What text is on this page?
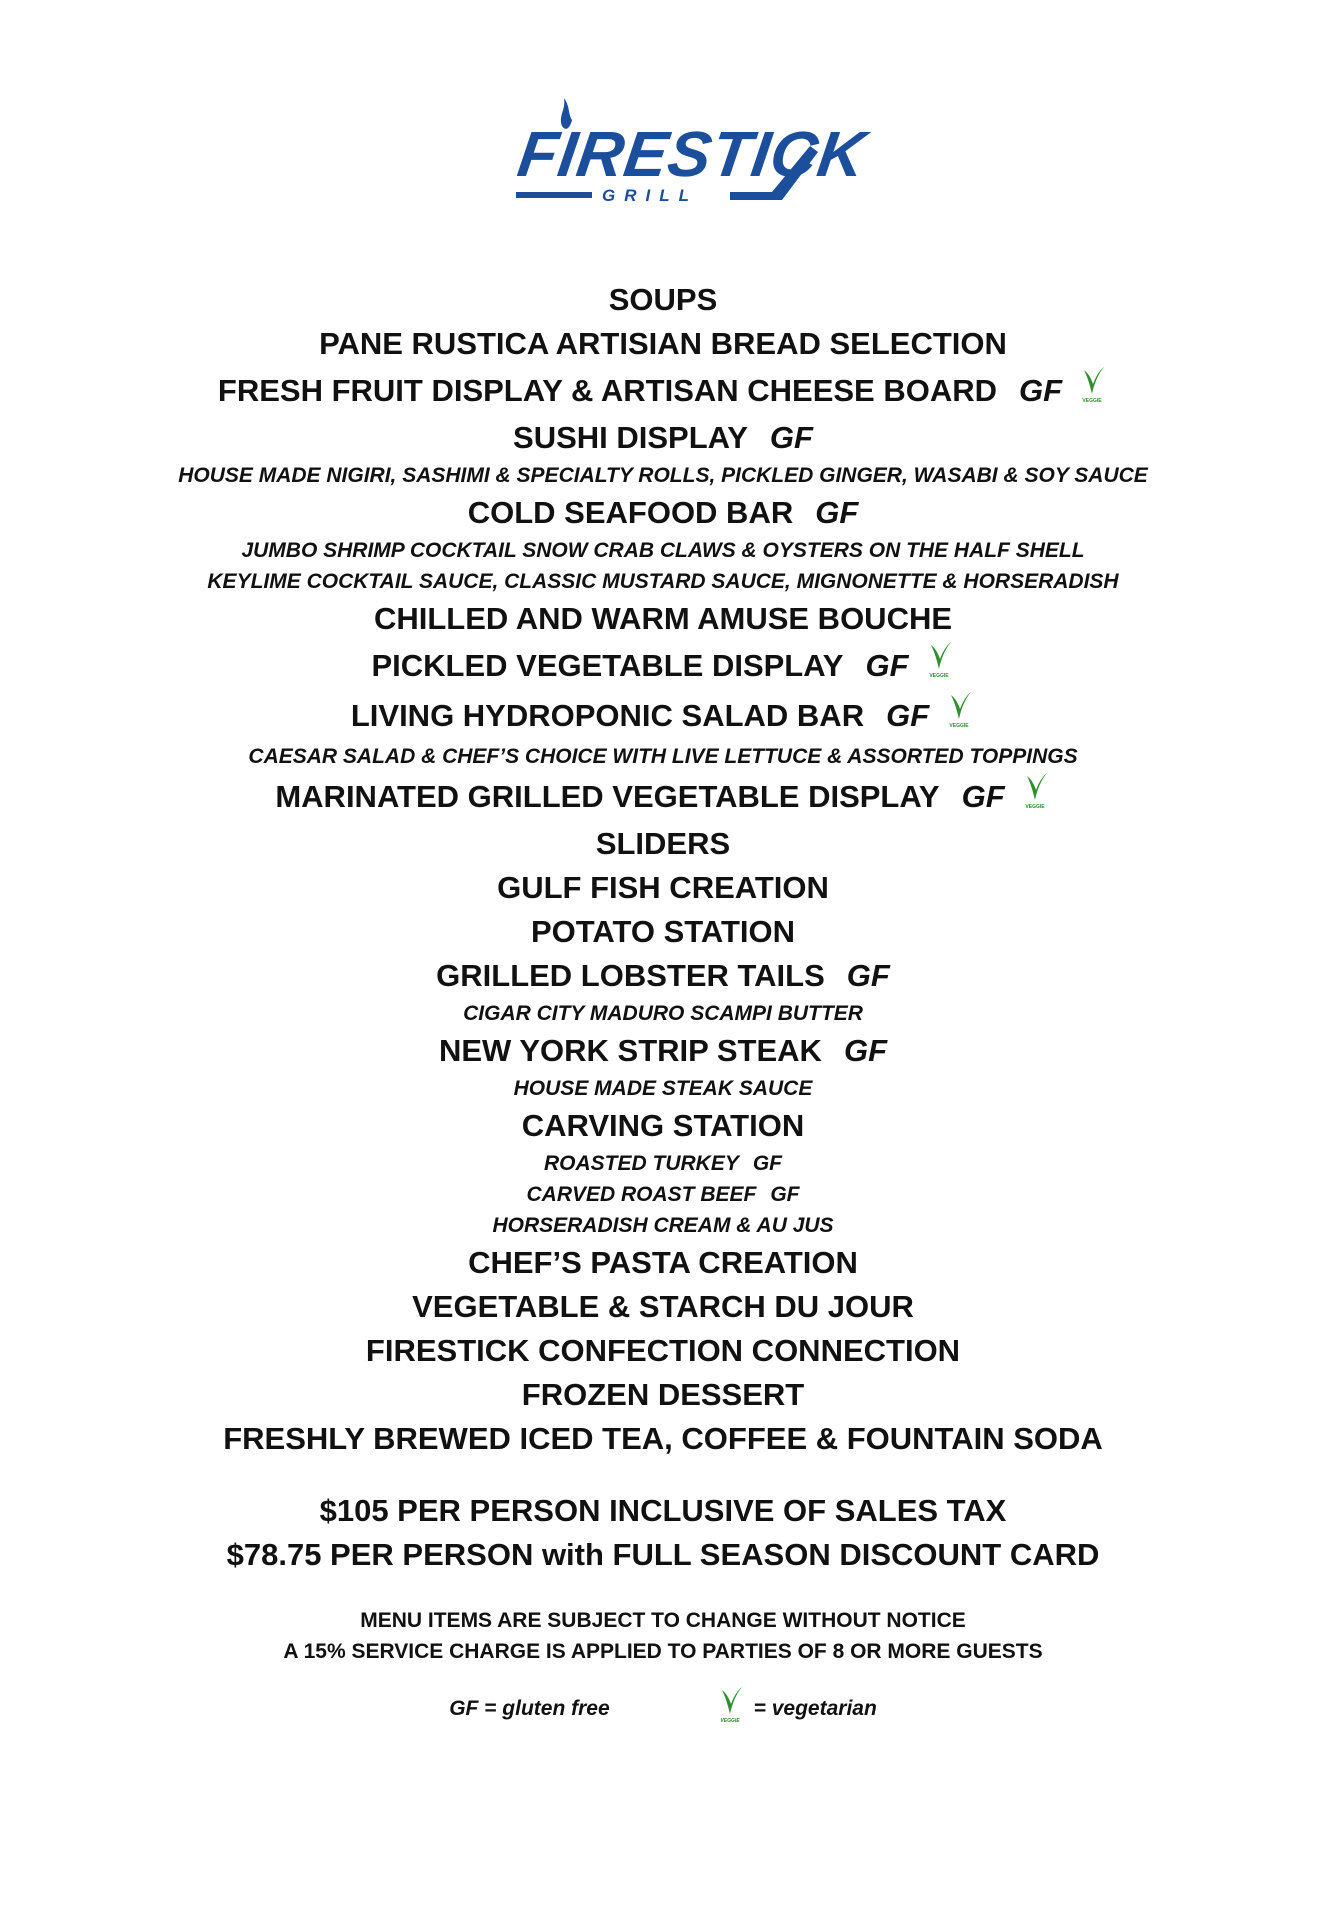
FIRESTICK
GRILL
SOUPS
PANE RUSTICA ARTISIAN BREAD SELECTION
FRESH FRUIT DISPLAY & ARTISAN CHEESE BOARD GF	VEGGIE
SUSHI DISPLAY GF
HOUSE MADE NIGIRI, SASHIMI & SPECIALTY ROLLS, PICKLED GINGER, WASABI & SOY SAUCE
COLD SEAFOOD BAR GF
JUMBO SHRIMP COCKTAIL SNOW CRAB CLAWS & OYSTERS ON THE HALF SHELL
KEYLIME COCKTAIL SAUCE, CLASSIC MUSTARD SAUCE, MIGNONETTE & HORSERADISH
CHILLED AND WARM AMUSE BOUCHE
PICKLED VEGETABLE DISPLAY GF	VEGGIE
LIVING HYDROPONIC SALAD BAR GF	VEGGIE
CAESAR SALAD & CHEF’S CHOICE WITH LIVE LETTUCE & ASSORTED TOPPINGS
MARINATED GRILLED VEGETABLE DISPLAY GF	VEGGIE
SLIDERS
GULF FISH CREATION
POTATO STATION
GRILLED LOBSTER TAILS GF
CIGAR CITY MADURO SCAMPI BUTTER
NEW YORK STRIP STEAK GF
HOUSE MADE STEAK SAUCE
CARVING STATION
ROASTED TURKEY GF
CARVED ROAST BEEF GF
HORSERADISH CREAM & AU JUS
CHEF’S PASTA CREATION
VEGETABLE & STARCH DU JOUR
FIRESTICK CONFECTION CONNECTION
FROZEN DESSERT
FRESHLY BREWED ICED TEA, COFFEE & FOUNTAIN SODA
$105 PER PERSON INCLUSIVE OF SALES TAX
$78.75 PER PERSON with FULL SEASON DISCOUNT CARD
MENU ITEMS ARE SUBJECT TO CHANGE WITHOUT NOTICE
A 15% SERVICE CHARGE IS APPLIED TO PARTIES OF 8 OR MORE GUESTS
GF = gluten free
VEGGIE
= vegetarian
